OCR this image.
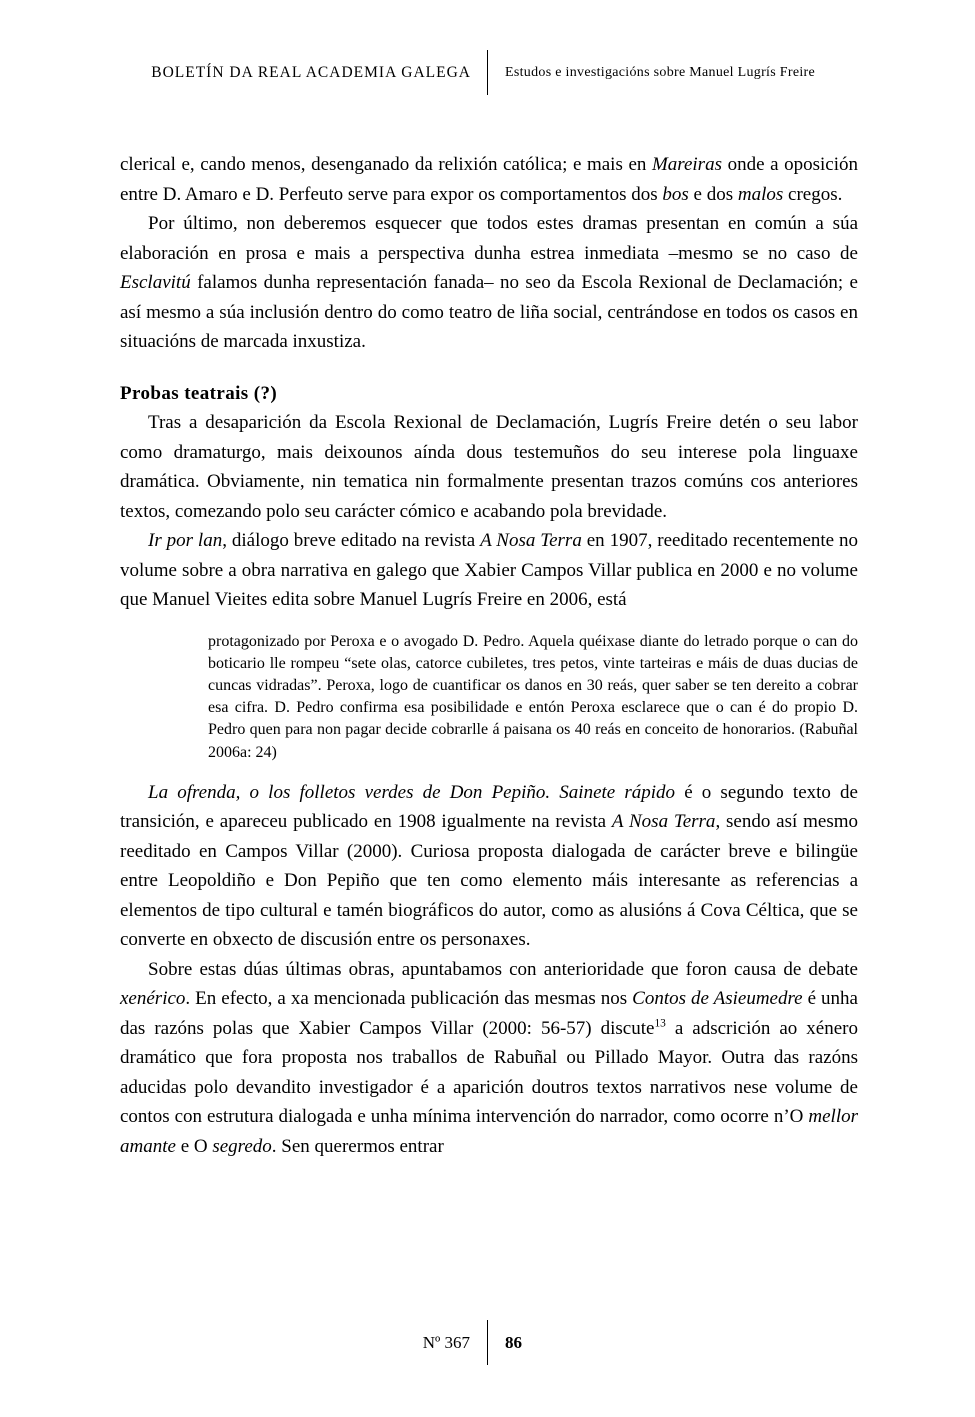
BOLETÍN DA REAL ACADEMIA GALEGA	Estudos e investigacións sobre Manuel Lugrís Freire

clerical e, cando menos, desenganado da relixión católica; e mais en Mareiras onde a oposición entre D. Amaro e D. Perfeuto serve para expor os comportamentos dos bos e dos malos cregos.

Por último, non deberemos esquecer que todos estes dramas presentan en común a súa elaboración en prosa e mais a perspectiva dunha estrea inmediata –mesmo se no caso de Esclavitú falamos dunha representación fanada– no seo da Escola Rexional de Declamación; e así mesmo a súa inclusión dentro do como teatro de liña social, centrándose en todos os casos en situacións de marcada inxustiza.

Probas teatrais (?)

Tras a desaparición da Escola Rexional de Declamación, Lugrís Freire detén o seu labor como dramaturgo, mais deixounos aínda dous testemuños do seu interese pola linguaxe dramática. Obviamente, nin tematica nin formalmente presentan trazos comúns cos anteriores textos, comezando polo seu carácter cómico e acabando pola brevidade.

Ir por lan, diálogo breve editado na revista A Nosa Terra en 1907, reeditado recentemente no volume sobre a obra narrativa en galego que Xabier Campos Villar publica en 2000 e no volume que Manuel Vieites edita sobre Manuel Lugrís Freire en 2006, está

protagonizado por Peroxa e o avogado D. Pedro. Aquela quéixase diante do letrado porque o can do boticario lle rompeu “sete olas, catorce cubiletes, tres petos, vinte tarteiras e máis de duas ducias de cuncas vidradas”. Peroxa, logo de cuantificar os danos en 30 reás, quer saber se ten dereito a cobrar esa cifra. D. Pedro confirma esa posibilidade e entón Peroxa esclarece que o can é do propio D. Pedro quen para non pagar decide cobrarlle á paisana os 40 reás en conceito de honorarios. (Rabuñal 2006a: 24)

La ofrenda, o los folletos verdes de Don Pepiño. Sainete rápido é o segundo texto de transición, e apareceu publicado en 1908 igualmente na revista A Nosa Terra, sendo así mesmo reeditado en Campos Villar (2000). Curiosa proposta dialogada de carácter breve e bilingüe entre Leopoldiño e Don Pepiño que ten como elemento máis interesante as referencias a elementos de tipo cultural e tamén biográficos do autor, como as alusións á Cova Céltica, que se converte en obxecto de discusión entre os personaxes.

Sobre estas dúas últimas obras, apuntabamos con anterioridade que foron causa de debate xenérico. En efecto, a xa mencionada publicación das mesmas nos Contos de Asieumedre é unha das razóns polas que Xabier Campos Villar (2000: 56-57) discute$^{13}$ a adscrición ao xénero dramático que fora proposta nos traballos de Rabuñal ou Pillado Mayor. Outra das razóns aducidas polo devandito investigador é a aparición doutros textos narrativos nese volume de contos con estrutura dialogada e unha mínima intervención do narrador, como ocorre n’O mellor amante e O segredo. Sen querermos entrar

Nº 367	86
